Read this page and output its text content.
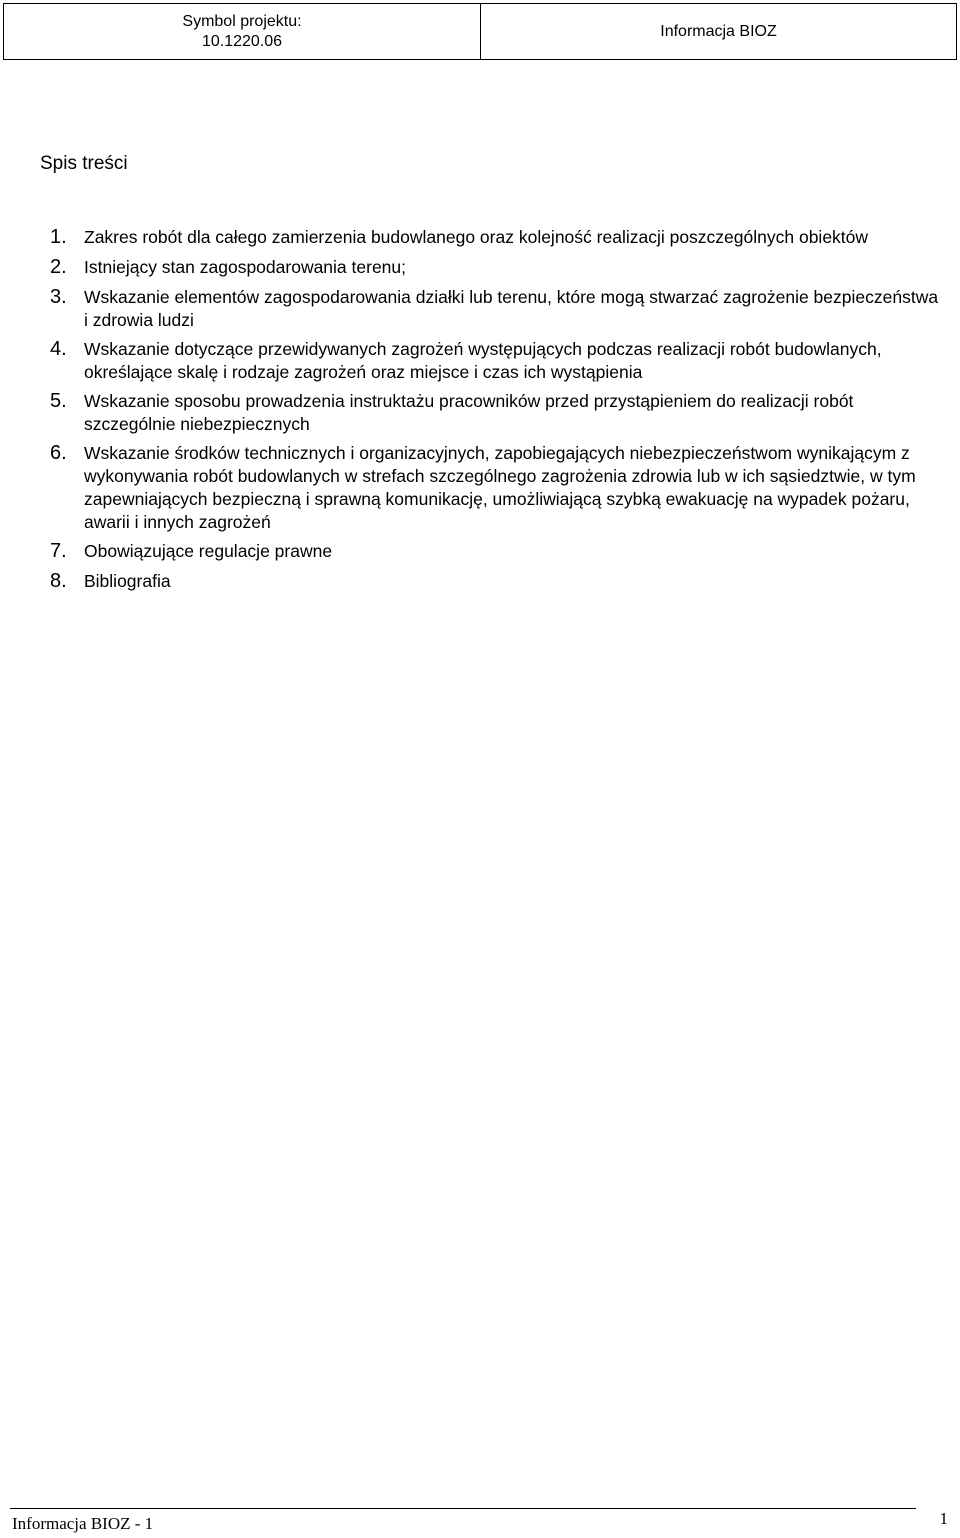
Symbol projektu:
10.1220.06
Informacja BIOZ
Spis treści
1. Zakres robót dla całego zamierzenia budowlanego oraz kolejność realizacji poszczególnych obiektów
2. Istniejący stan zagospodarowania terenu;
3. Wskazanie elementów zagospodarowania działki lub terenu, które mogą stwarzać zagrożenie bezpieczeństwa i zdrowia ludzi
4. Wskazanie dotyczące przewidywanych zagrożeń występujących podczas realizacji robót budowlanych, określające skalę i rodzaje zagrożeń oraz miejsce i czas ich wystąpienia
5. Wskazanie sposobu prowadzenia instruktażu pracowników przed przystąpieniem do realizacji robót szczególnie niebezpiecznych
6. Wskazanie środków technicznych i organizacyjnych, zapobiegających niebezpieczeństwom wynikającym z wykonywania robót budowlanych w strefach szczególnego zagrożenia zdrowia lub w ich sąsiedztwie, w tym zapewniających bezpieczną i sprawną komunikację, umożliwiającą szybką ewakuację na wypadek pożaru, awarii i innych zagrożeń
7. Obowiązujące regulacje prawne
8. Bibliografia
Informacja BIOZ - 1	1
